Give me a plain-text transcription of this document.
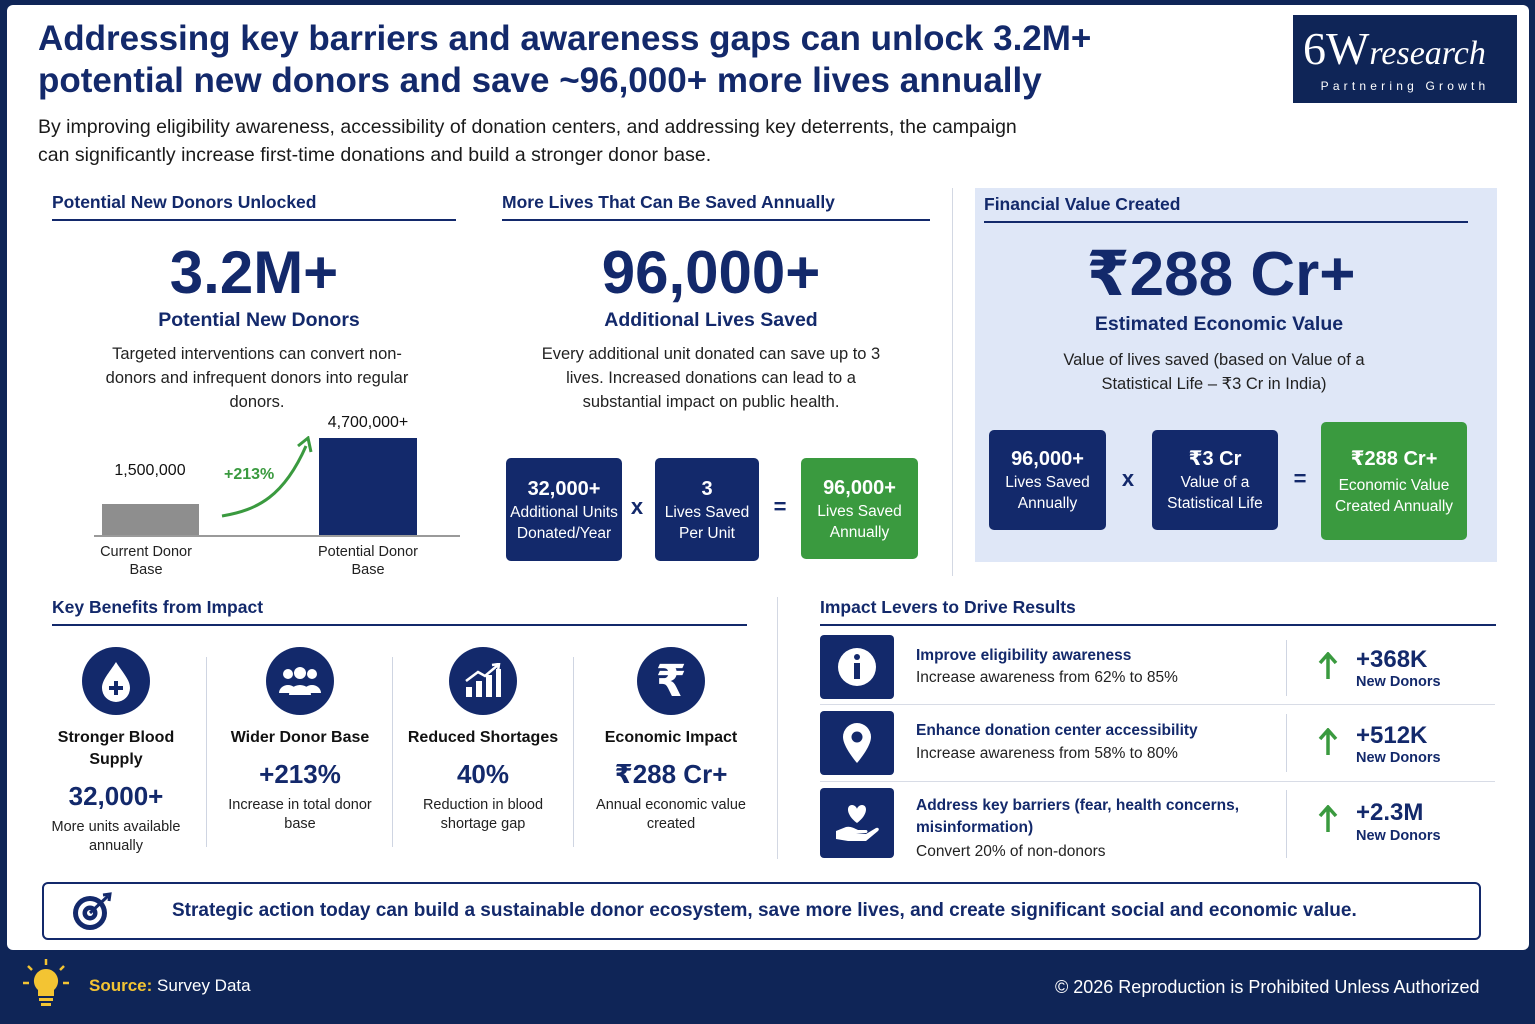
Addressing key barriers and awareness gaps can unlock 3.2M+ potential new donors and save ~96,000+ more lives annually
By improving eligibility awareness, accessibility of donation centers, and addressing key deterrents, the campaign can significantly increase first-time donations and build a stronger donor base.
6Wresearch
Partnering Growth
Potential New Donors Unlocked
3.2M+
Potential New Donors
Targeted interventions can convert non-donors and infrequent donors into regular donors.
1,500,000
4,700,000+
Current Donor Base
Potential Donor Base
+213%
More Lives That Can Be Saved Annually
96,000+
Additional Lives Saved
Every additional unit donated can save up to 3 lives. Increased donations can lead to a substantial impact on public health.
32,000+
Additional Units Donated/Year
x
3
Lives Saved Per Unit
=
96,000+
Lives Saved Annually
Financial Value Created
₹288 Cr+
Estimated Economic Value
Value of lives saved (based on Value of a Statistical Life – ₹3 Cr in India)
96,000+
Lives Saved Annually
x
₹3 Cr
Value of a Statistical Life
=
₹288 Cr+
Economic Value Created Annually
Key Benefits from Impact
Stronger Blood Supply
32,000+
More units available annually
Wider Donor Base
+213%
Increase in total donor base
Reduced Shortages
40%
Reduction in blood shortage gap
₹
Economic Impact
₹288 Cr+
Annual economic value created
Impact Levers to Drive Results
Improve eligibility awareness
Increase awareness from 62% to 85%
+368K
New Donors
Enhance donation center accessibility
Increase awareness from 58% to 80%
+512K
New Donors
Address key barriers (fear, health concerns, misinformation)
Convert 20% of non-donors
+2.3M
New Donors
Strategic action today can build a sustainable donor ecosystem, save more lives, and create significant social and economic value.
Source: Survey Data	© 2026 Reproduction is Prohibited Unless Authorized
